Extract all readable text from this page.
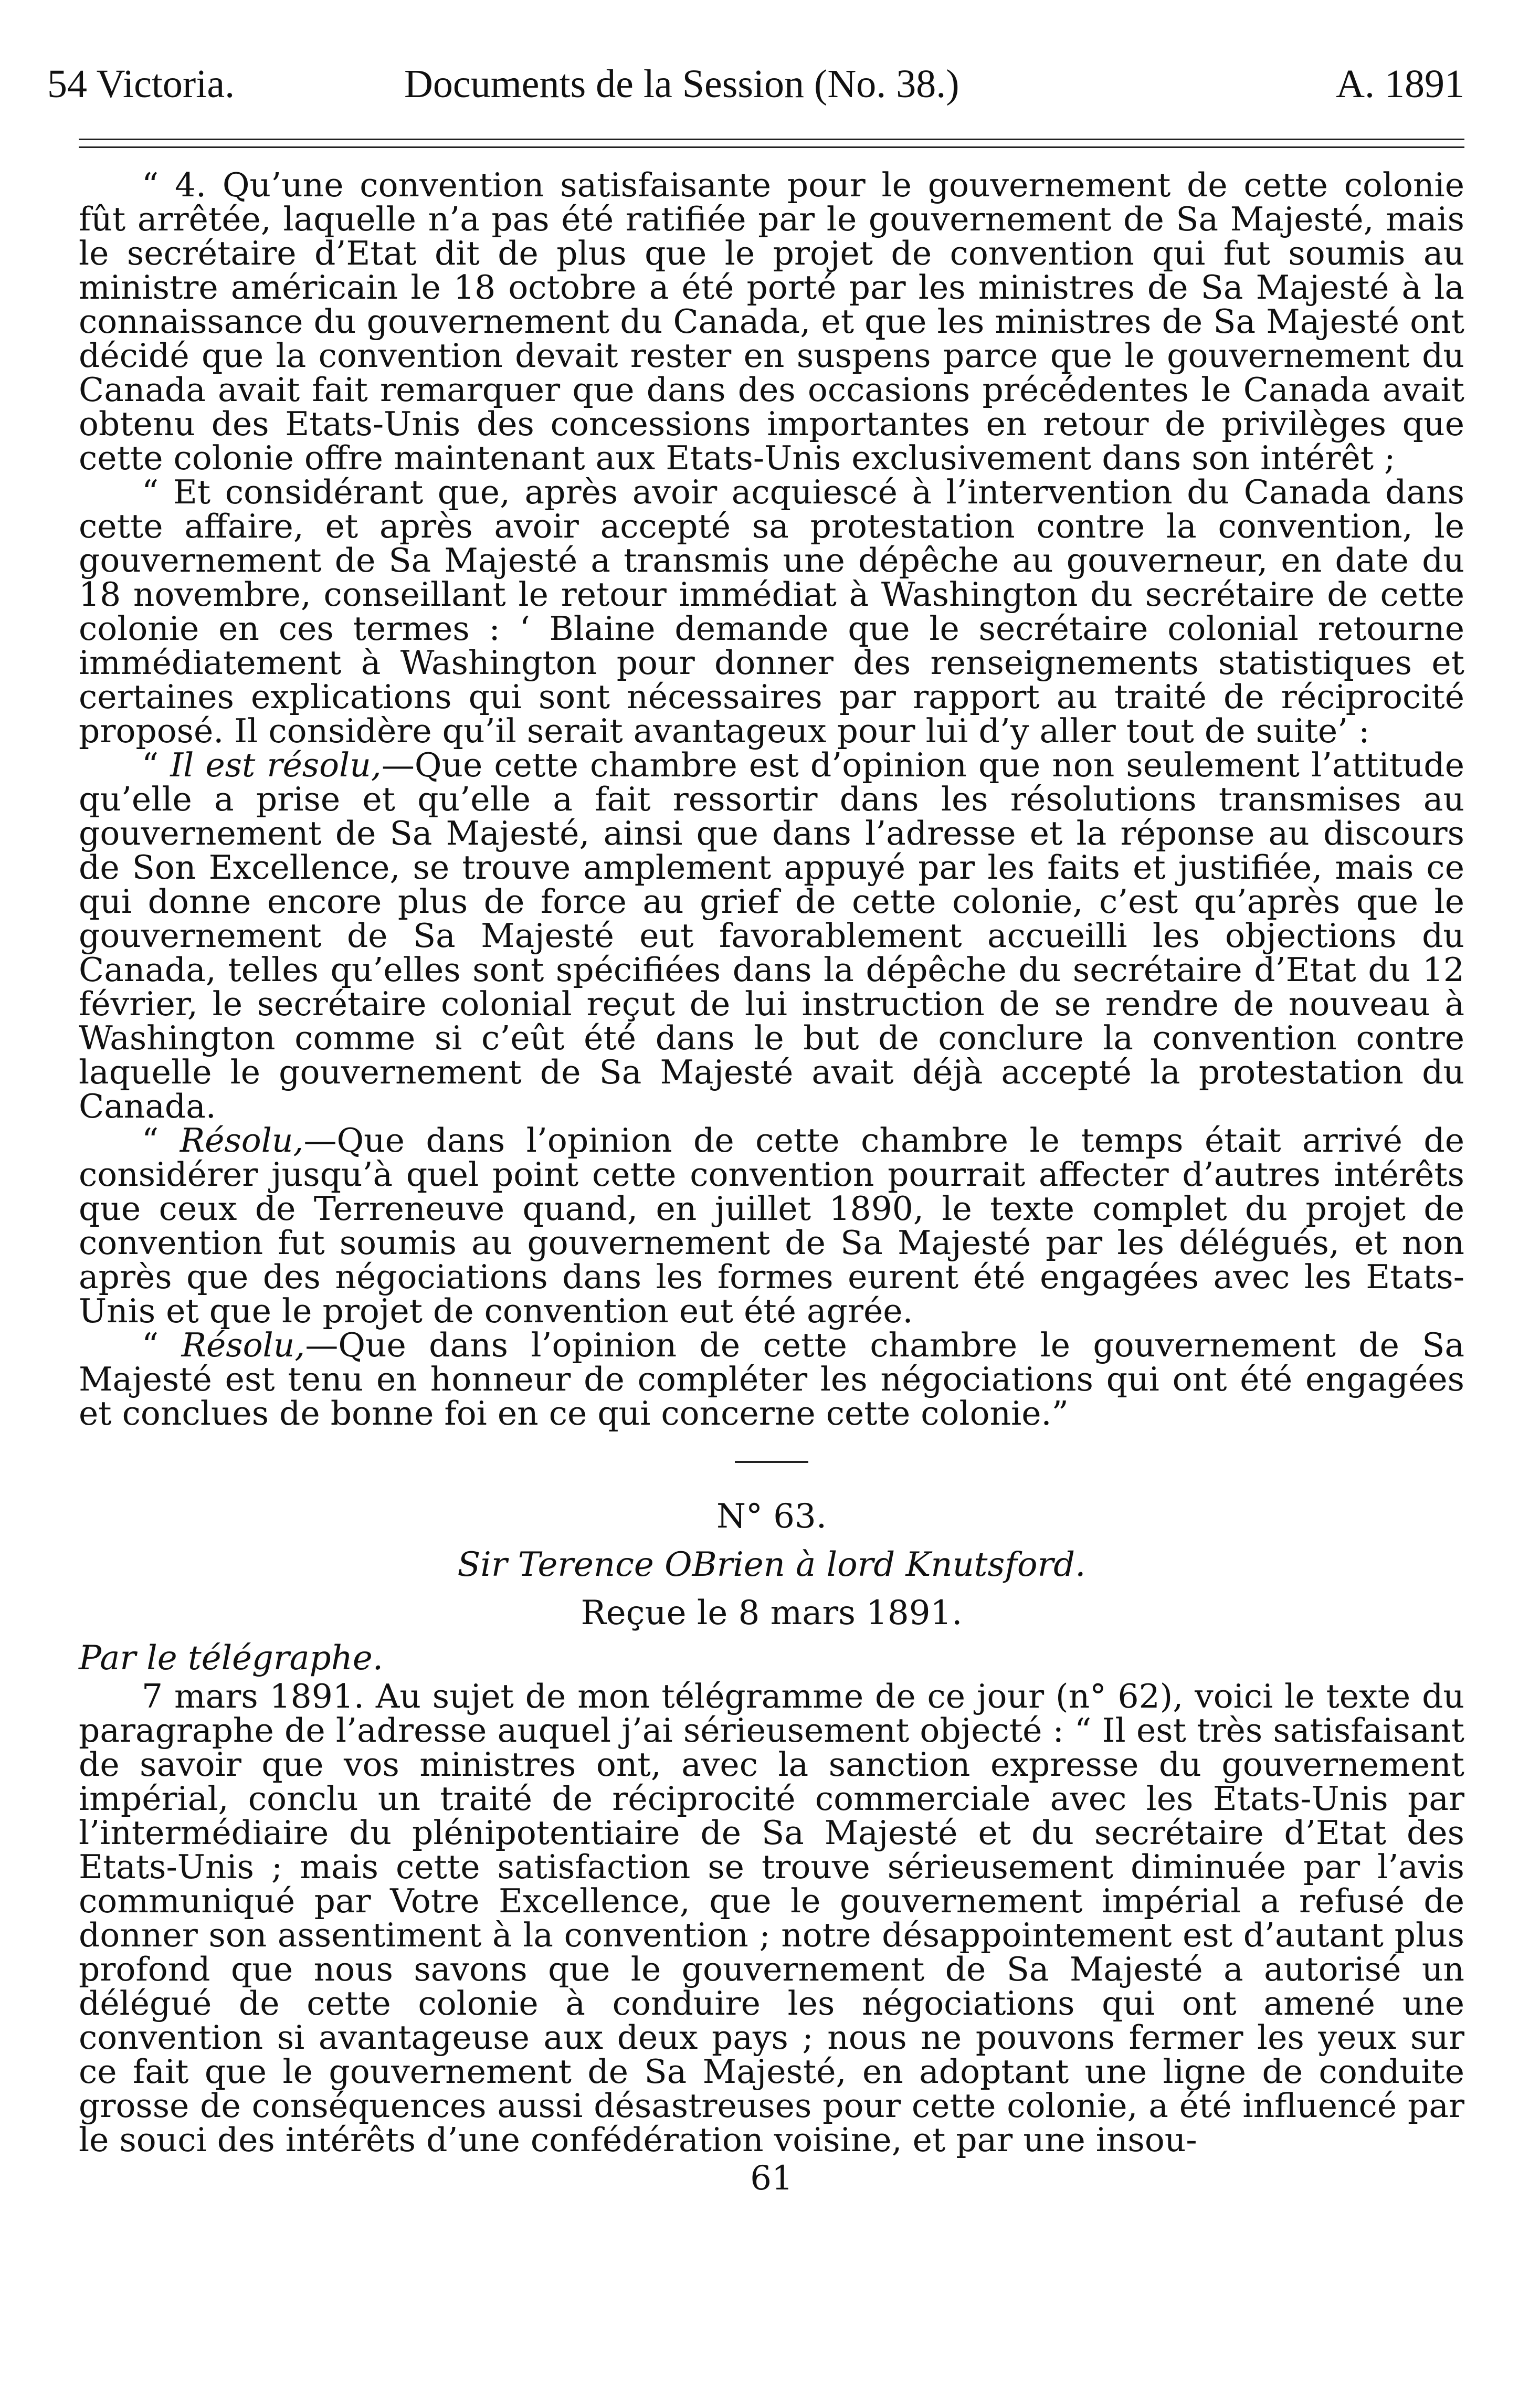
54 Victoria.	Documents de la Session (No. 38.)	A. 1891

“ 4. Qu’une convention satisfaisante pour le gouvernement de cette colonie fût arrêtée, laquelle n’a pas été ratifiée par le gouvernement de Sa Majesté, mais le secrétaire d’Etat dit de plus que le projet de convention qui fut soumis au ministre américain le 18 octobre a été porté par les ministres de Sa Majesté à la connaissance du gouvernement du Canada, et que les ministres de Sa Majesté ont décidé que la convention devait rester en suspens parce que le gouvernement du Canada avait fait remarquer que dans des occasions précédentes le Canada avait obtenu des Etats-Unis des concessions importantes en retour de privilèges que cette colonie offre maintenant aux Etats-Unis exclusivement dans son intérêt ;

“ Et considérant que, après avoir acquiescé à l’intervention du Canada dans cette affaire, et après avoir accepté sa protestation contre la convention, le gouvernement de Sa Majesté a transmis une dépêche au gouverneur, en date du 18 novembre, conseillant le retour immédiat à Washington du secrétaire de cette colonie en ces termes : ‘ Blaine demande que le secrétaire colonial retourne immédiatement à Washington pour donner des renseignements statistiques et certaines explications qui sont nécessaires par rapport au traité de réciprocité proposé. Il considère qu’il serait avantageux pour lui d’y aller tout de suite’ :

“ Il est résolu,—Que cette chambre est d’opinion que non seulement l’attitude qu’elle a prise et qu’elle a fait ressortir dans les résolutions transmises au gouvernement de Sa Majesté, ainsi que dans l’adresse et la réponse au discours de Son Excellence, se trouve amplement appuyé par les faits et justifiée, mais ce qui donne encore plus de force au grief de cette colonie, c’est qu’après que le gouvernement de Sa Majesté eut favorablement accueilli les objections du Canada, telles qu’elles sont spécifiées dans la dépêche du secrétaire d’Etat du 12 février, le secrétaire colonial reçut de lui instruction de se rendre de nouveau à Washington comme si c’eût été dans le but de conclure la convention contre laquelle le gouvernement de Sa Majesté avait déjà accepté la protestation du Canada.

“ Résolu,—Que dans l’opinion de cette chambre le temps était arrivé de considérer jusqu’à quel point cette convention pourrait affecter d’autres intérêts que ceux de Terreneuve quand, en juillet 1890, le texte complet du projet de convention fut soumis au gouvernement de Sa Majesté par les délégués, et non après que des négociations dans les formes eurent été engagées avec les Etats-Unis et que le projet de convention eut été agrée.

“ Résolu,—Que dans l’opinion de cette chambre le gouvernement de Sa Majesté est tenu en honneur de compléter les négociations qui ont été engagées et conclues de bonne foi en ce qui concerne cette colonie.”

N° 63.

Sir Terence OBrien à lord Knutsford.

Reçue le 8 mars 1891.

Par le télégraphe.

7 mars 1891. Au sujet de mon télégramme de ce jour (n° 62), voici le texte du paragraphe de l’adresse auquel j’ai sérieusement objecté : “ Il est très satisfaisant de savoir que vos ministres ont, avec la sanction expresse du gouvernement impérial, conclu un traité de réciprocité commerciale avec les Etats-Unis par l’intermédiaire du plénipotentiaire de Sa Majesté et du secrétaire d’Etat des Etats-Unis ; mais cette satisfaction se trouve sérieusement diminuée par l’avis communiqué par Votre Excellence, que le gouvernement impérial a refusé de donner son assentiment à la convention ; notre désappointement est d’autant plus profond que nous savons que le gouvernement de Sa Majesté a autorisé un délégué de cette colonie à conduire les négociations qui ont amené une convention si avantageuse aux deux pays ; nous ne pouvons fermer les yeux sur ce fait que le gouvernement de Sa Majesté, en adoptant une ligne de conduite grosse de conséquences aussi désastreuses pour cette colonie, a été influencé par le souci des intérêts d’une confédération voisine, et par une insou-

61
